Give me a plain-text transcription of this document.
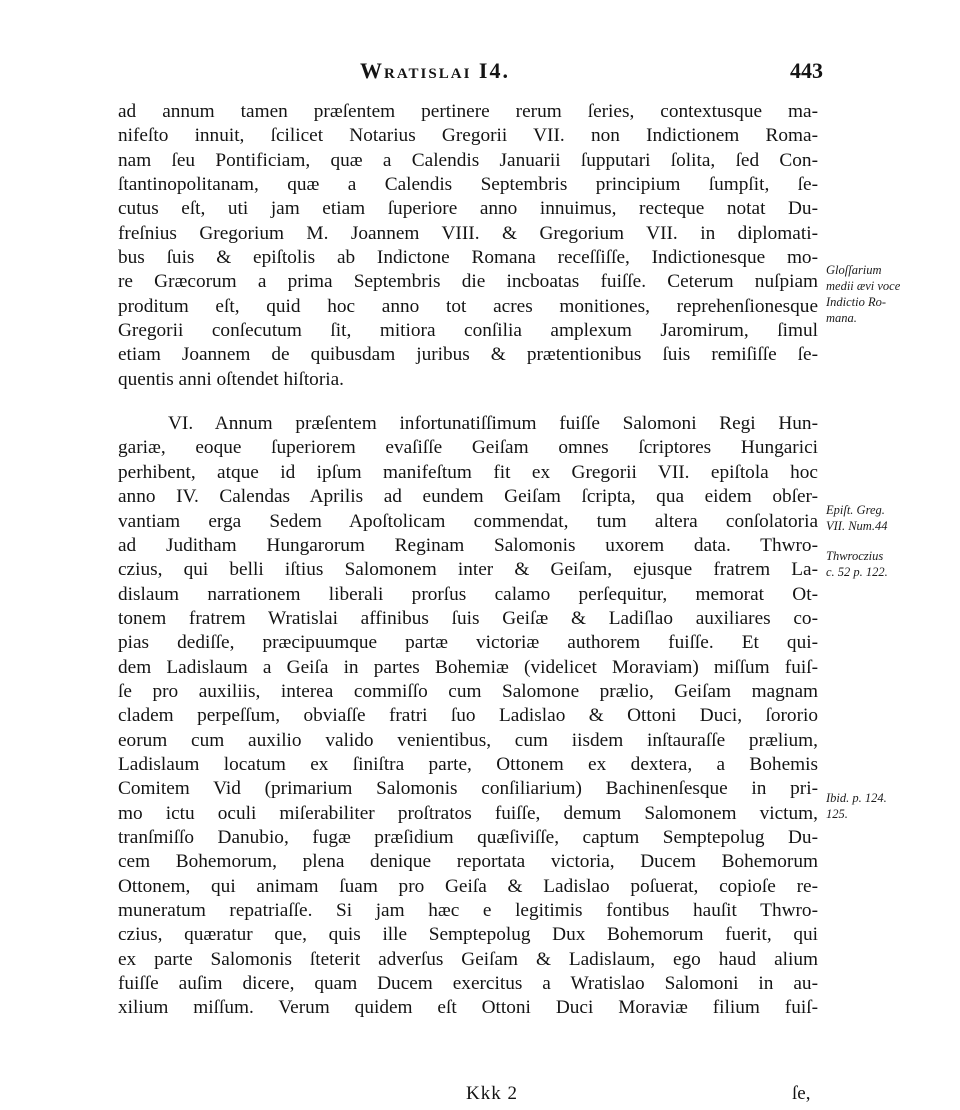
Wratislai I4.	443
ad annum tamen præſentem pertinere rerum ſeries, contextusque ma-
nifeſto innuit, ſcilicet Notarius Gregorii VII. non Indictionem Roma-
nam ſeu Pontificiam, quæ a Calendis Januarii ſupputari ſolita, ſed Con-
ſtantinopolitanam, quæ a Calendis Septembris principium ſumpſit, ſe-
cutus eſt, uti jam etiam ſuperiore anno innuimus, recteque notat Du-
freſnius Gregorium M. Joannem VIII. & Gregorium VII. in diplomati-
bus ſuis & epiſtolis ab Indictone Romana receſſiſſe, Indictionesque mo-
re Græcorum a prima Septembris die incboatas fuiſſe. Ceterum nuſpiam
proditum eſt, quid hoc anno tot acres monitiones, reprehenſionesque
Gregorii conſecutum ſit, mitiora conſilia amplexum Jaromirum, ſimul
etiam Joannem de quibusdam juribus & prætentionibus ſuis remiſiſſe ſe-
quentis anni oſtendet hiſtoria.
VI. Annum præſentem infortunatiſſimum fuiſſe Salomoni Regi Hun-
gariæ, eoque ſuperiorem evaſiſſe Geiſam omnes ſcriptores Hungarici
perhibent, atque id ipſum manifeſtum fit ex Gregorii VII. epiſtola hoc
anno IV. Calendas Aprilis ad eundem Geiſam ſcripta, qua eidem obſer-
vantiam erga Sedem Apoſtolicam commendat, tum altera conſolatoria
ad Juditham Hungarorum Reginam Salomonis uxorem data. Thwro-
czius, qui belli iſtius Salomonem inter & Geiſam, ejusque fratrem La-
dislaum narrationem liberali prorſus calamo perſequitur, memorat Ot-
tonem fratrem Wratislai affinibus ſuis Geiſæ & Ladiſlao auxiliares co-
pias dediſſe, præcipuumque partæ victoriæ authorem fuiſſe. Et qui-
dem Ladislaum a Geiſa in partes Bohemiæ (videlicet Moraviam) miſſum fuiſ-
ſe pro auxiliis, interea commiſſo cum Salomone prælio, Geiſam magnam
cladem perpeſſum, obviaſſe fratri ſuo Ladislao & Ottoni Duci, ſororio
eorum cum auxilio valido venientibus, cum iisdem inſtauraſſe prælium,
Ladislaum locatum ex ſiniſtra parte, Ottonem ex dextera, a Bohemis
Comitem Vid (primarium Salomonis conſiliarium) Bachinenſesque in pri-
mo ictu oculi miſerabiliter proſtratos fuiſſe, demum Salomonem victum,
tranſmiſſo Danubio, fugæ præſidium quæſiviſſe, captum Semptepolug Du-
cem Bohemorum, plena denique reportata victoria, Ducem Bohemorum
Ottonem, qui animam ſuam pro Geiſa & Ladislao poſuerat, copioſe re-
muneratum repatriaſſe. Si jam hæc e legitimis fontibus hauſit Thwro-
czius, quæratur que, quis ille Semptepolug Dux Bohemorum fuerit, qui
ex parte Salomonis ſteterit adverſus Geiſam & Ladislaum, ego haud alium
fuiſſe auſim dicere, quam Ducem exercitus a Wratislao Salomoni in au-
xilium miſſum. Verum quidem eſt Ottoni Duci Moraviæ filium fuiſ-
Gloſſarium
medii ævi voce
Indictio Ro-
mana.
Epiſt. Greg.
VII. Num.44
Thwroczius
c. 52 p. 122.
Ibid. p. 124.
125.
Kkk 2	ſe,
